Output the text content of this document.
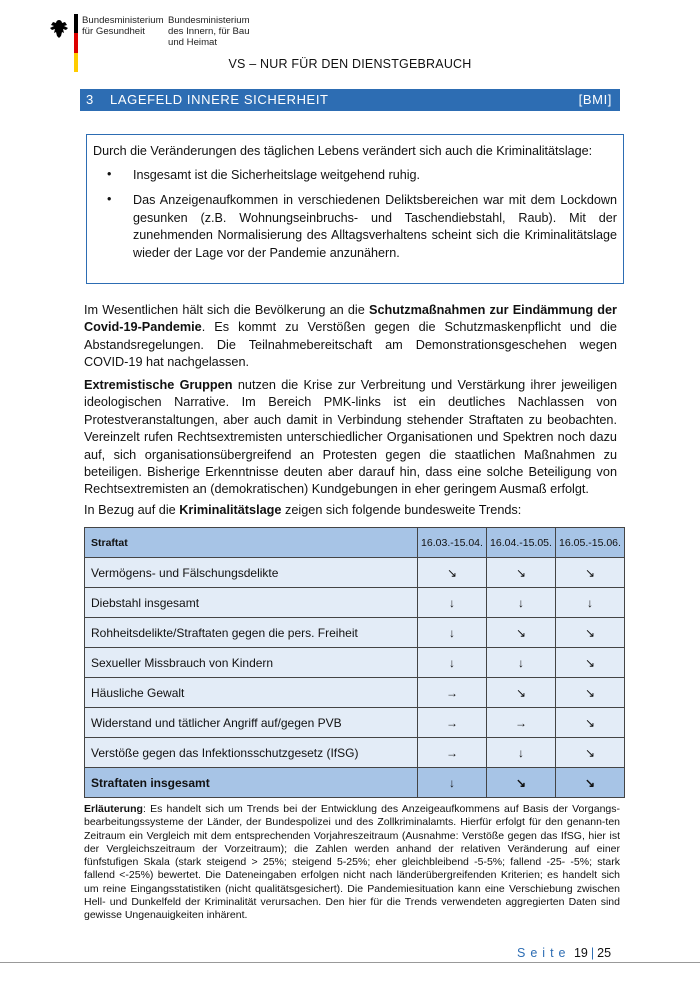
Bundesministerium
für Gesundheit
Bundesministerium
des Innern, für Bau
und Heimat
VS – NUR FÜR DEN DIENSTGEBRAUCH
3 LAGEFELD INNERE SICHERHEIT	[BMI]
Durch die Veränderungen des täglichen Lebens verändert sich auch die Kriminalitätslage:
• Insgesamt ist die Sicherheitslage weitgehend ruhig.
• Das Anzeigenaufkommen in verschiedenen Deliktsbereichen war mit dem Lockdown gesunken (z.B. Wohnungseinbruchs- und Taschendiebstahl, Raub). Mit der zunehmenden Normalisierung des Alltagsverhaltens scheint sich die Kriminalitätslage wieder der Lage vor der Pandemie anzunähern.
Im Wesentlichen hält sich die Bevölkerung an die Schutzmaßnahmen zur Eindämmung der Covid-19-Pandemie. Es kommt zu Verstößen gegen die Schutzmaskenpflicht und die Abstandsregelungen. Die Teilnahmebereitschaft am Demonstrationsgeschehen wegen COVID-19 hat nachgelassen.
Extremistische Gruppen nutzen die Krise zur Verbreitung und Verstärkung ihrer jeweiligen ideologischen Narrative. Im Bereich PMK-links ist ein deutliches Nachlassen von Protestveranstaltungen, aber auch damit in Verbindung stehender Straftaten zu beobachten. Vereinzelt rufen Rechtsextremisten unterschiedlicher Organisationen und Spektren noch dazu auf, sich organisationsübergreifend an Protesten gegen die staatlichen Maßnahmen zu beteiligen. Bisherige Erkenntnisse deuten aber darauf hin, dass eine solche Beteiligung von Rechtsextremisten an (demokratischen) Kundgebungen in eher geringem Ausmaß erfolgt.
In Bezug auf die Kriminalitätslage zeigen sich folgende bundesweite Trends:
Straftat	16.03.-15.04.	16.04.-15.05.	16.05.-15.06.
Vermögens- und Fälschungsdelikte	↘	↘	↘
Diebstahl insgesamt	↓	↓	↓
Rohheitsdelikte/Straftaten gegen die pers. Freiheit	↓	↘	↘
Sexueller Missbrauch von Kindern	↓	↓	↘
Häusliche Gewalt	→	↘	↘
Widerstand und tätlicher Angriff auf/gegen PVB	→	→	↘
Verstöße gegen das Infektionsschutzgesetz (IfSG)	→	↓	↘
Straftaten insgesamt	↓	↘	↘
Erläuterung: Es handelt sich um Trends bei der Entwicklung des Anzeigeaufkommens auf Basis der Vorgangs-bearbeitungssysteme der Länder, der Bundespolizei und des Zollkriminalamts. Hierfür erfolgt für den genann-ten Zeitraum ein Vergleich mit dem entsprechenden Vorjahreszeitraum (Ausnahme: Verstöße gegen das IfSG, hier ist der Vergleichszeitraum der Vorzeitraum); die Zahlen werden anhand der relativen Veränderung auf einer fünfstufigen Skala (stark steigend > 25%; steigend 5-25%; eher gleichbleibend -5-5%; fallend -25- -5%; stark fallend <-25%) bewertet. Die Dateneingaben erfolgen nicht nach länderübergreifenden Kriterien; es handelt sich um reine Eingangsstatistiken (nicht qualitätsgesichert). Die Pandemiesituation kann eine Verschiebung zwischen Hell- und Dunkelfeld der Kriminalität verursachen. Den hier für die Trends verwendeten aggregierten Daten sind gewisse Ungenauigkeiten inhärent.
Seite 19 | 25
